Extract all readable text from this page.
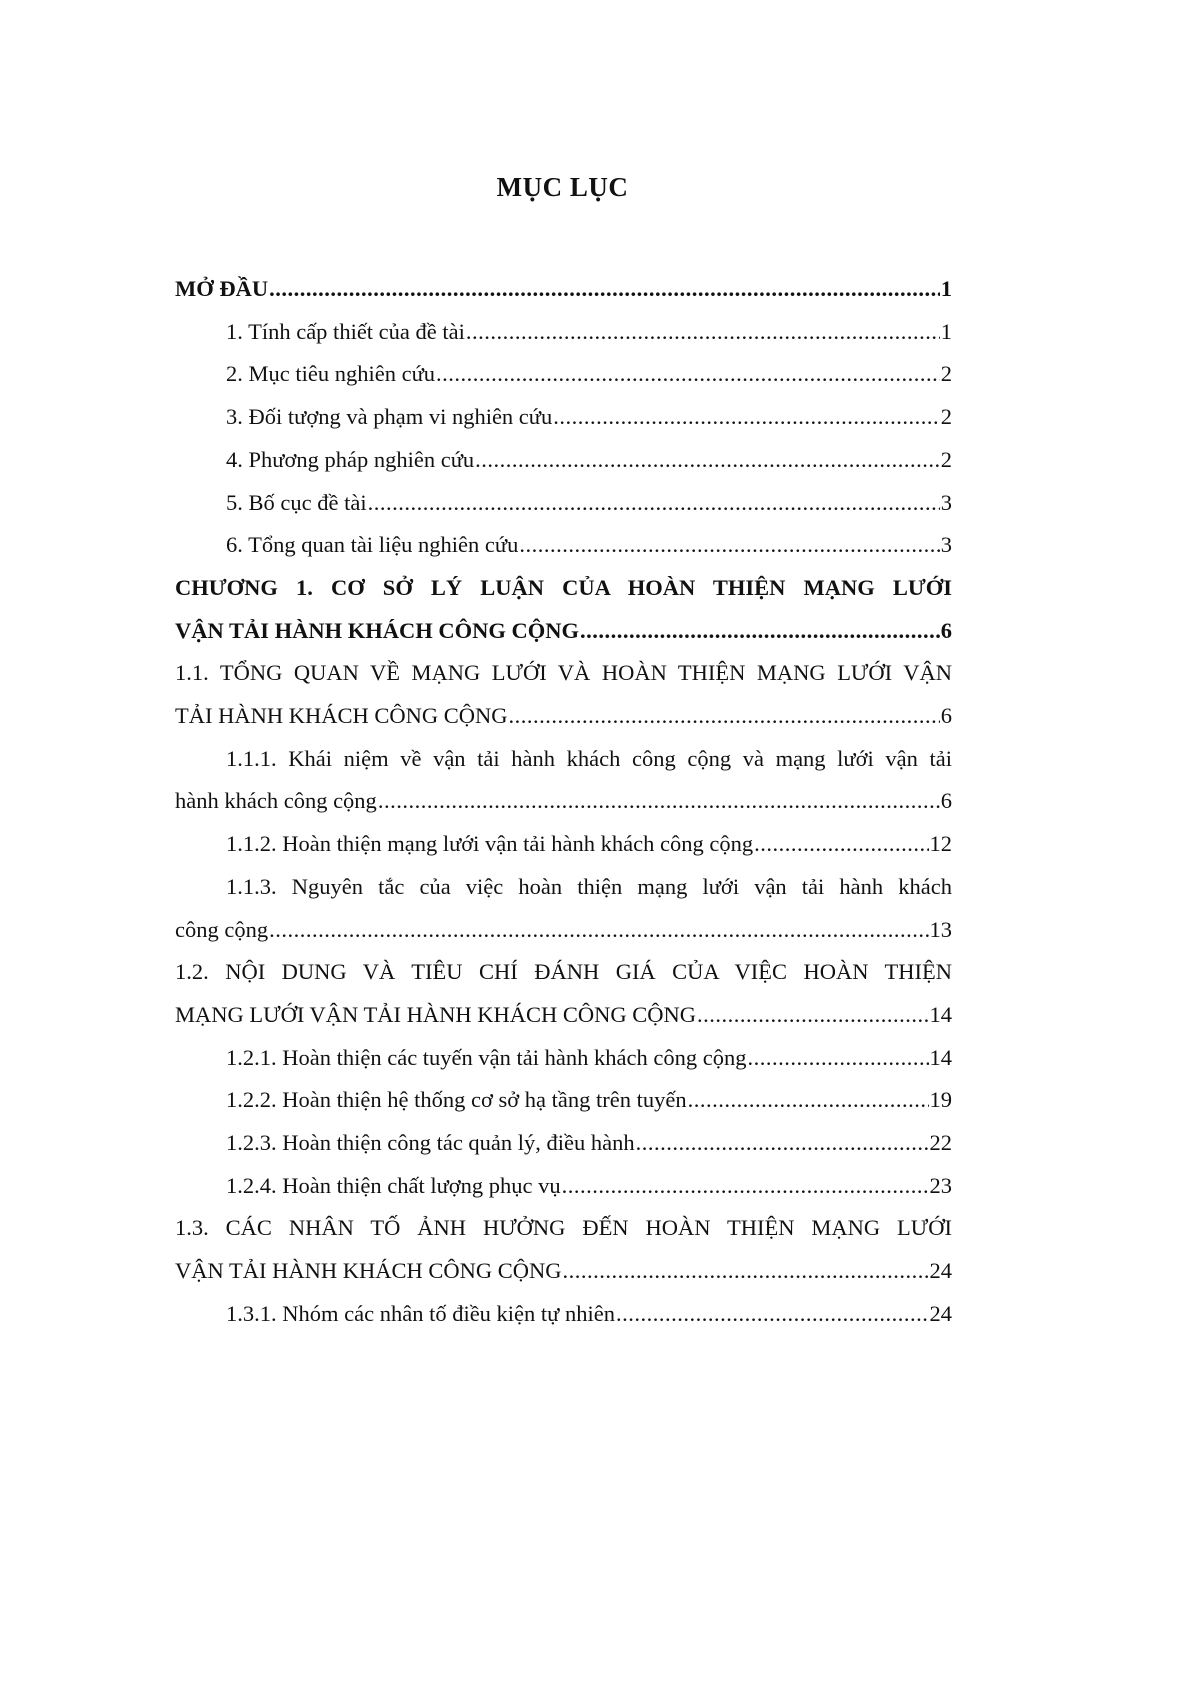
MỤC LỤC
MỞ ĐẦU .....	1
1. Tính cấp thiết của đề tài .....	1
2. Mục tiêu nghiên cứu .....	2
3. Đối tượng và phạm vi nghiên cứu .....	2
4. Phương pháp nghiên cứu .....	2
5. Bố cục đề tài .....	3
6. Tổng quan tài liệu nghiên cứu .....	3
CHƯƠNG 1. CƠ SỞ LÝ LUẬN CỦA HOÀN THIỆN MẠNG LƯỚI
VẬN TẢI HÀNH KHÁCH CÔNG CỘNG .....	6
1.1. TỔNG QUAN VỀ MẠNG LƯỚI VÀ HOÀN THIỆN MẠNG LƯỚI VẬN
TẢI HÀNH KHÁCH CÔNG CỘNG .....	6
1.1.1. Khái niệm về vận tải hành khách công cộng và mạng lưới vận tải
hành khách công cộng .....	6
1.1.2. Hoàn thiện mạng lưới vận tải hành khách công cộng .....	12
1.1.3. Nguyên tắc của việc hoàn thiện mạng lưới vận tải hành khách
công cộng .....	13
1.2. NỘI DUNG VÀ TIÊU CHÍ ĐÁNH GIÁ CỦA VIỆC HOÀN THIỆN
MẠNG LƯỚI VẬN TẢI HÀNH KHÁCH CÔNG CỘNG .....	14
1.2.1. Hoàn thiện các tuyến vận tải hành khách công cộng .....	14
1.2.2. Hoàn thiện hệ thống cơ sở hạ tầng trên tuyến .....	19
1.2.3. Hoàn thiện công tác quản lý, điều hành .....	22
1.2.4. Hoàn thiện chất lượng phục vụ .....	23
1.3. CÁC NHÂN TỐ ẢNH HƯỞNG ĐẾN HOÀN THIỆN MẠNG LƯỚI
VẬN TẢI HÀNH KHÁCH CÔNG CỘNG .....	24
1.3.1. Nhóm các nhân tố điều kiện tự nhiên .....	24
